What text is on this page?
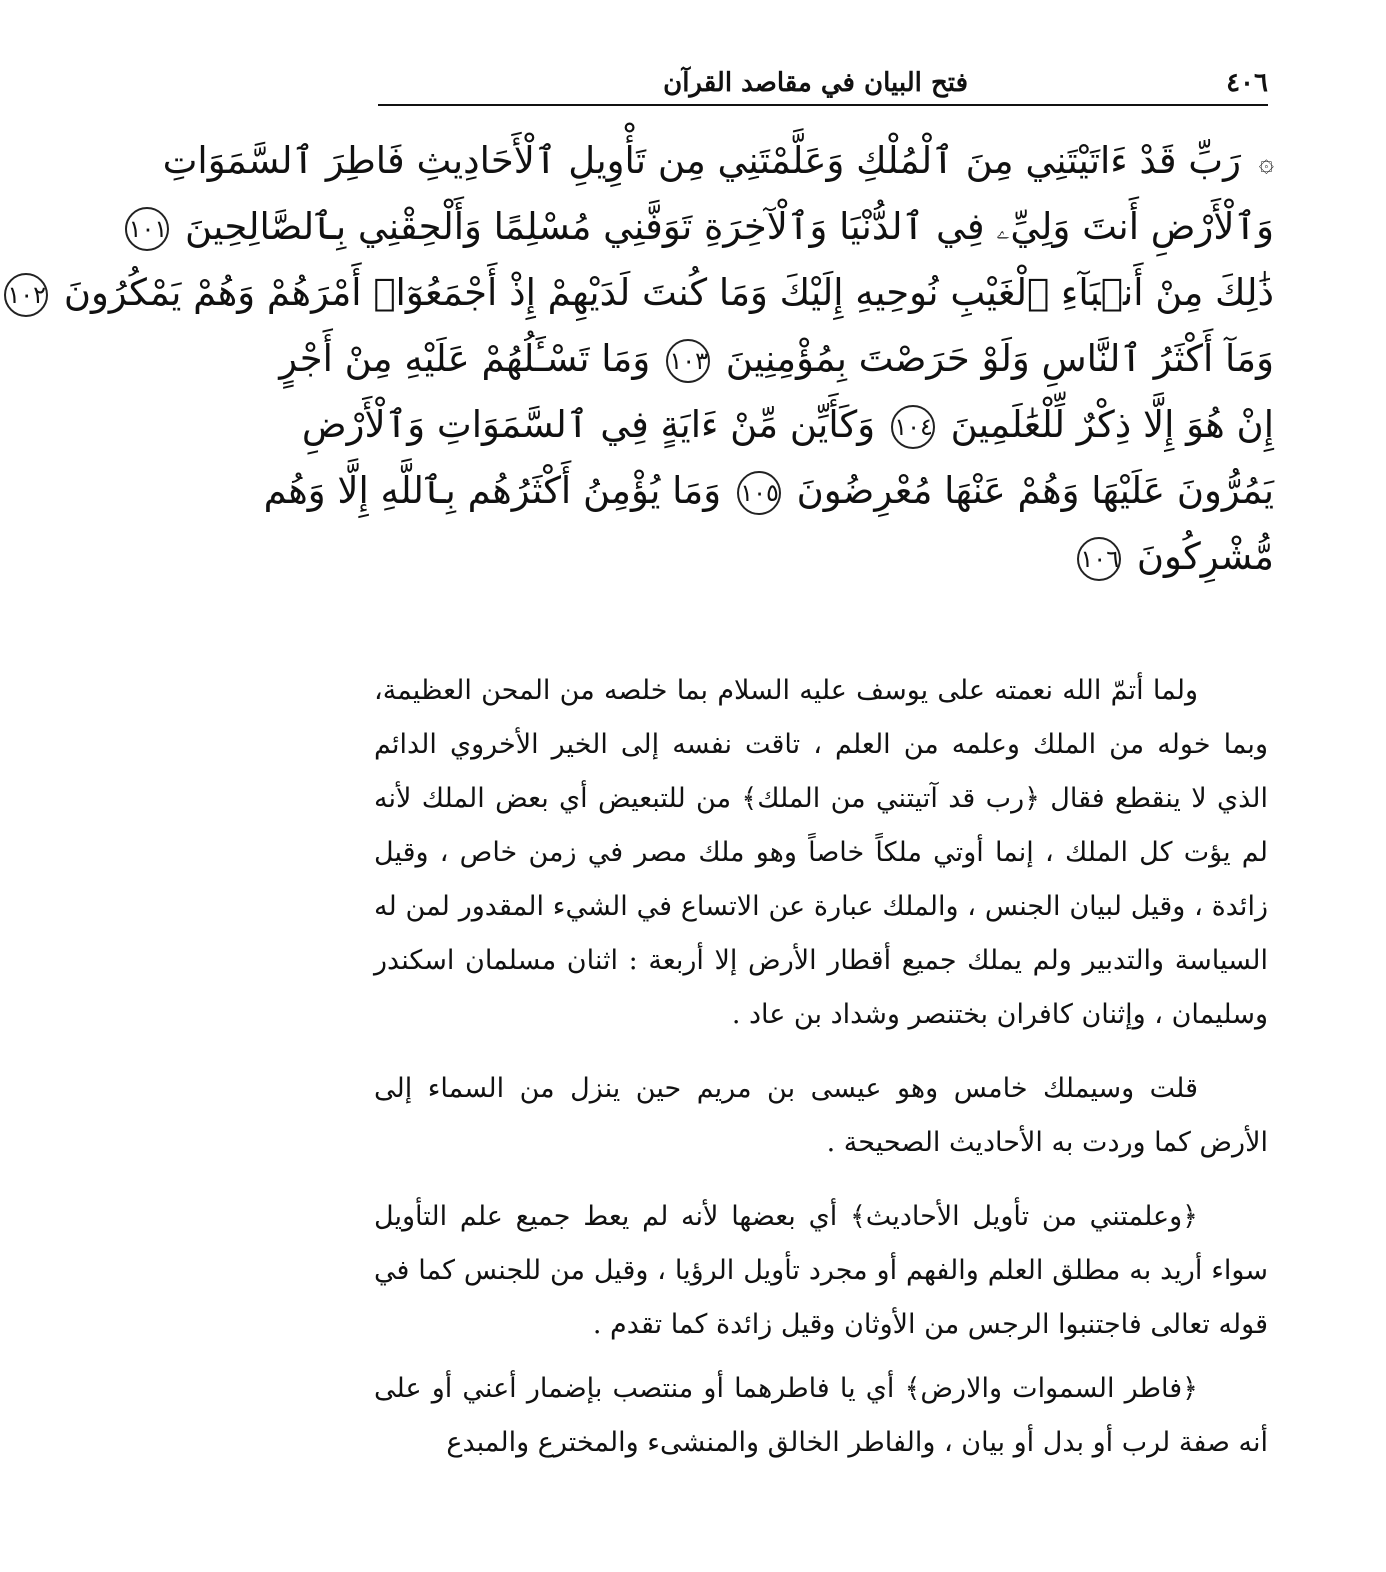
٤٠٦
فتح البيان في مقاصد القرآن
۞ رَبِّ قَدْ ءَاتَيْتَنِي مِنَ ٱلْمُلْكِ وَعَلَّمْتَنِي مِن تَأْوِيلِ ٱلْأَحَادِيثِ فَاطِرَ ٱلسَّمَوَاتِ
وَٱلْأَرْضِ أَنتَ وَلِيِّۦ فِي ٱلدُّنْيَا وَٱلْآخِرَةِ تَوَفَّنِي مُسْلِمًا وَأَلْحِقْنِي بِٱلصَّالِحِينَ ١٠١
ذَٰلِكَ مِنْ أَنۢبَآءِ ٱلْغَيْبِ نُوحِيهِ إِلَيْكَ وَمَا كُنتَ لَدَيْهِمْ إِذْ أَجْمَعُوٓا۟ أَمْرَهُمْ وَهُمْ يَمْكُرُونَ ١٠٢
وَمَآ أَكْثَرُ ٱلنَّاسِ وَلَوْ حَرَصْتَ بِمُؤْمِنِينَ ١٠٣ وَمَا تَسْـَٔلُهُمْ عَلَيْهِ مِنْ أَجْرٍ
إِنْ هُوَ إِلَّا ذِكْرٌ لِّلْعَٰلَمِينَ ١٠٤ وَكَأَيِّن مِّنْ ءَايَةٍ فِي ٱلسَّمَوَاتِ وَٱلْأَرْضِ
يَمُرُّونَ عَلَيْهَا وَهُمْ عَنْهَا مُعْرِضُونَ ١٠٥ وَمَا يُؤْمِنُ أَكْثَرُهُم بِٱللَّهِ إِلَّا وَهُم
مُّشْرِكُونَ ١٠٦

ولما أتمّ الله نعمته على يوسف عليه السلام بما خلصه من المحن العظيمة، وبما خوله من الملك وعلمه من العلم ، تاقت نفسه إلى الخير الأخروي الدائم الذي لا ينقطع فقال ﴿رب قد آتيتني من الملك﴾ من للتبعيض أي بعض الملك لأنه لم يؤت كل الملك ، إنما أوتي ملكاً خاصاً وهو ملك مصر في زمن خاص ، وقيل زائدة ، وقيل لبيان الجنس ، والملك عبارة عن الاتساع في الشيء المقدور لمن له السياسة والتدبير ولم يملك جميع أقطار الأرض إلا أربعة : اثنان مسلمان اسكندر وسليمان ، وإثنان كافران بختنصر وشداد بن عاد .

قلت وسيملك خامس وهو عيسى بن مريم حين ينزل من السماء إلى الأرض كما وردت به الأحاديث الصحيحة .

﴿وعلمتني من تأويل الأحاديث﴾ أي بعضها لأنه لم يعط جميع علم التأويل سواء أريد به مطلق العلم والفهم أو مجرد تأويل الرؤيا ، وقيل من للجنس كما في قوله تعالى فاجتنبوا الرجس من الأوثان وقيل زائدة كما تقدم .

﴿فاطر السموات والارض﴾ أي يا فاطرهما أو منتصب بإضمار أعني أو على أنه صفة لرب أو بدل أو بيان ، والفاطر الخالق والمنشىء والمخترع والمبدع
